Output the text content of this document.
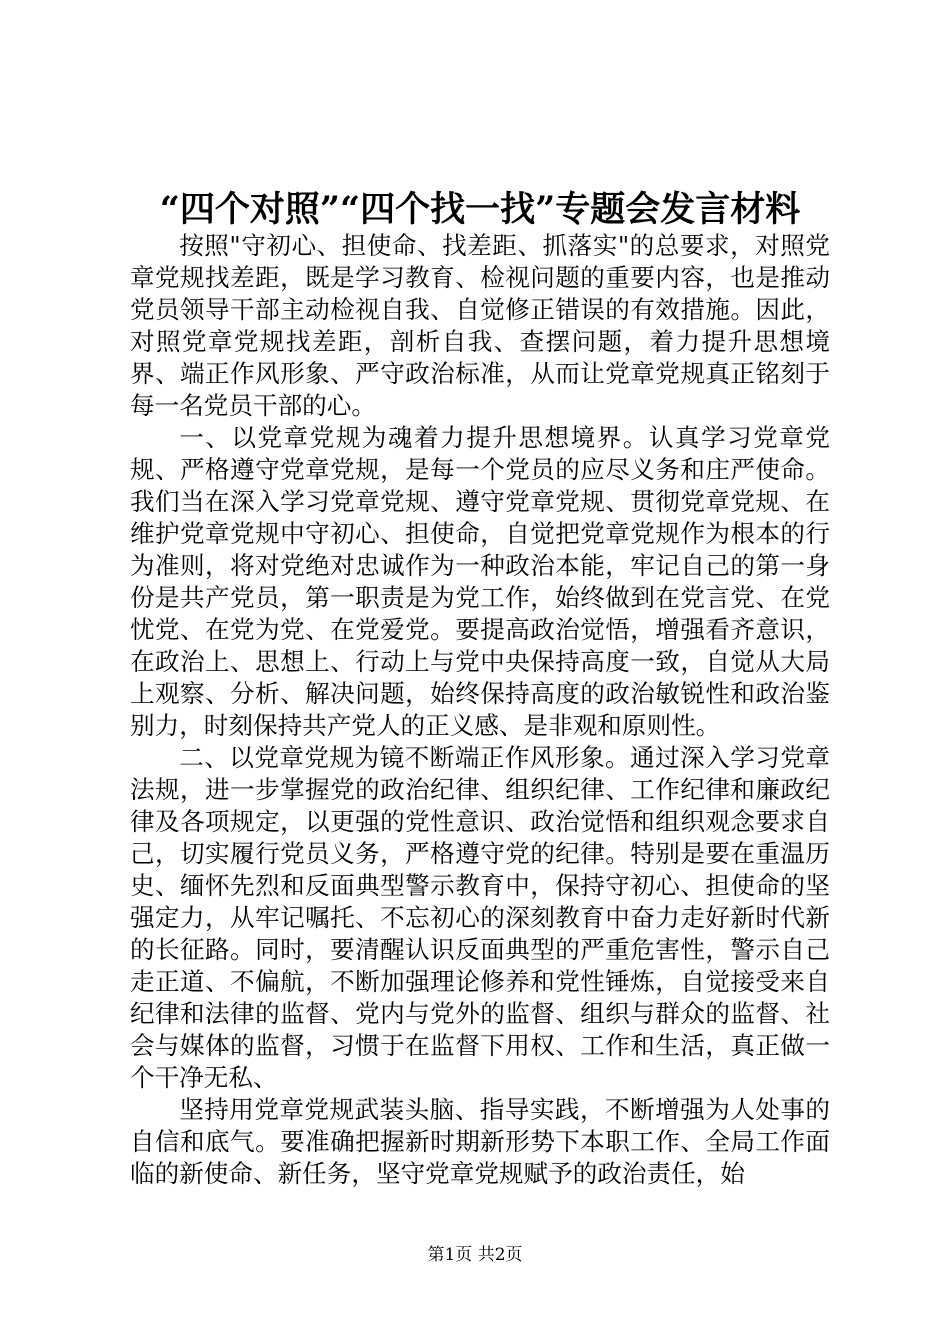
“四个对照”“四个找一找”专题会发言材料

按照"守初心、担使命、找差距、抓落实"的总要求，对照党章党规找差距，既是学习教育、检视问题的重要内容，也是推动党员领导干部主动检视自我、自觉修正错误的有效措施。因此，对照党章党规找差距，剖析自我、查摆问题，着力提升思想境界、端正作风形象、严守政治标准，从而让党章党规真正铭刻于每一名党员干部的心。

一、以党章党规为魂着力提升思想境界。认真学习党章党规、严格遵守党章党规，是每一个党员的应尽义务和庄严使命。我们当在深入学习党章党规、遵守党章党规、贯彻党章党规、在维护党章党规中守初心、担使命，自觉把党章党规作为根本的行为准则，将对党绝对忠诚作为一种政治本能，牢记自己的第一身份是共产党员，第一职责是为党工作，始终做到在党言党、在党忧党、在党为党、在党爱党。要提高政治觉悟，增强看齐意识，在政治上、思想上、行动上与党中央保持高度一致，自觉从大局上观察、分析、解决问题，始终保持高度的政治敏锐性和政治鉴别力，时刻保持共产党人的正义感、是非观和原则性。

二、以党章党规为镜不断端正作风形象。通过深入学习党章法规，进一步掌握党的政治纪律、组织纪律、工作纪律和廉政纪律及各项规定，以更强的党性意识、政治觉悟和组织观念要求自己，切实履行党员义务，严格遵守党的纪律。特别是要在重温历史、缅怀先烈和反面典型警示教育中，保持守初心、担使命的坚强定力，从牢记嘱托、不忘初心的深刻教育中奋力走好新时代新的长征路。同时，要清醒认识反面典型的严重危害性，警示自己走正道、不偏航，不断加强理论修养和党性锤炼，自觉接受来自纪律和法律的监督、党内与党外的监督、组织与群众的监督、社会与媒体的监督，习惯于在监督下用权、工作和生活，真正做一个干净无私、

坚持用党章党规武装头脑、指导实践，不断增强为人处事的自信和底气。要准确把握新时期新形势下本职工作、全局工作面临的新使命、新任务，坚守党章党规赋予的政治责任，始

第1页 共2页
